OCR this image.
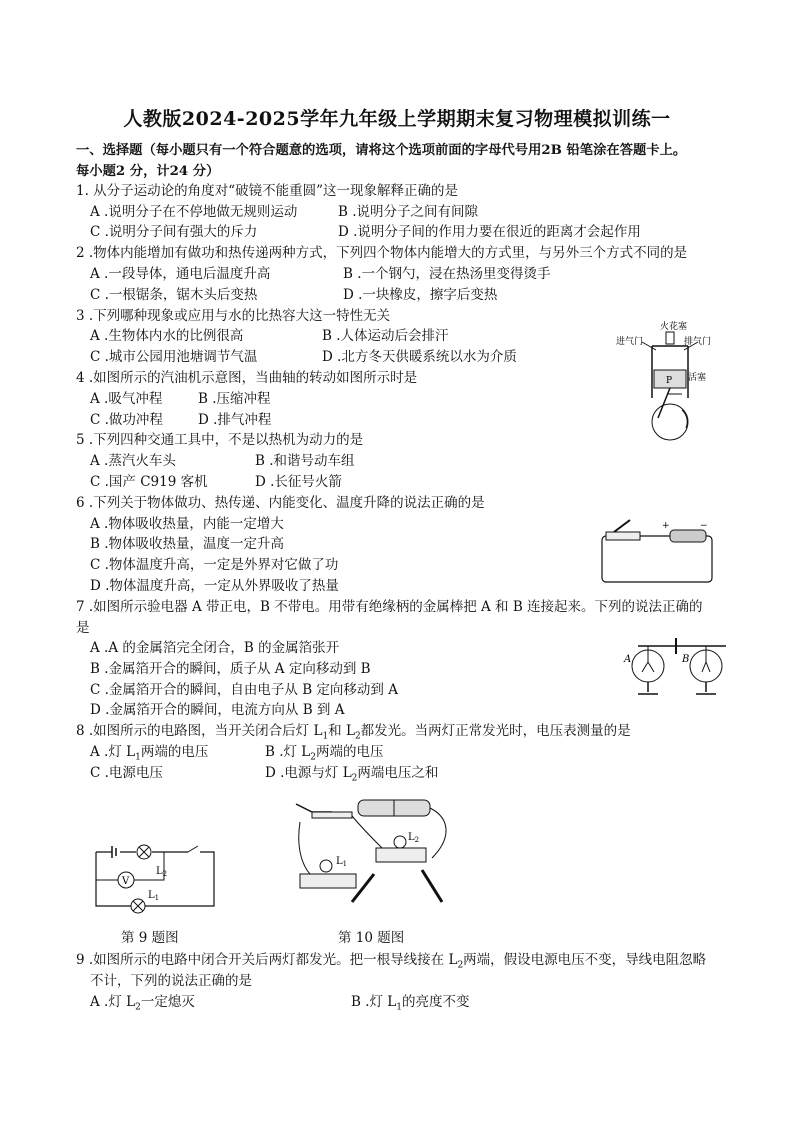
人教版2024-2025学年九年级上学期期末复习物理模拟训练一
一、选择题（每小题只有一个符合题意的选项，请将这个选项前面的字母代号用2B 铅笔涂在答题卡上。
每小题2 分，计24 分）
1. 从分子运动论的角度对“破镜不能重圆”这一现象解释正确的是
A .说明分子在不停地做无规则运动	B .说明分子之间有间隙
C .说明分子间有强大的斥力	D .说明分子间的作用力要在很近的距离才会起作用
2 .物体内能增加有做功和热传递两种方式，下列四个物体内能增大的方式里，与另外三个方式不同的是
A .一段导体，通电后温度升高	B .一个钢勺，浸在热汤里变得烫手
C .一根锯条，锯木头后变热	D .一块橡皮，擦字后变热
3 .下列哪种现象或应用与水的比热容大这一特性无关
A .生物体内水的比例很高	B .人体运动后会排汗
C .城市公园用池塘调节气温	D .北方冬天供暖系统以水为介质
4 .如图所示的汽油机示意图，当曲轴的转动如图所示时是
A .吸气冲程	B .压缩冲程
C .做功冲程	D .排气冲程
5 .下列四种交通工具中，不是以热机为动力的是
A .蒸汽火车头	B .和谐号动车组
C .国产 C919 客机	D .长征号火箭
6 .下列关于物体做功、热传递、内能变化、温度升降的说法正确的是
A .物体吸收热量，内能一定增大
B .物体吸收热量，温度一定升高
C .物体温度升高，一定是外界对它做了功
D .物体温度升高，一定从外界吸收了热量
7 .如图所示验电器 A 带正电，B 不带电。用带有绝缘柄的金属棒把 A 和 B 连接起来。下列的说法正确的
是
A .A 的金属箔完全闭合，B 的金属箔张开
B .金属箔开合的瞬间，质子从 A 定向移动到 B
C .金属箔开合的瞬间，自由电子从 B 定向移动到 A
D .金属箔开合的瞬间，电流方向从 B 到 A
8 .如图所示的电路图，当开关闭合后灯 $L_1$和 $L_2$都发光。当两灯正常发光时，电压表测量的是
A .灯 $L_1$两端的电压	B .灯 $L_2$两端的电压
C .电源电压	D .电源与灯 $L_2$两端电压之和
9 .如图所示的电路中闭合开关后两灯都发光。把一根导线接在 $L_2$两端，假设电源电压不变，导线电阻忽略
不计，下列的说法正确的是
A .灯 $L_2$一定熄灭	B .灯 $L_1$的亮度不变
火花塞
进气门	排气门
活塞
P
+	−
A	B
V
$L_2$
$L_1$
$L_2$
$L_1$
第 9 题图	第 10 题图
